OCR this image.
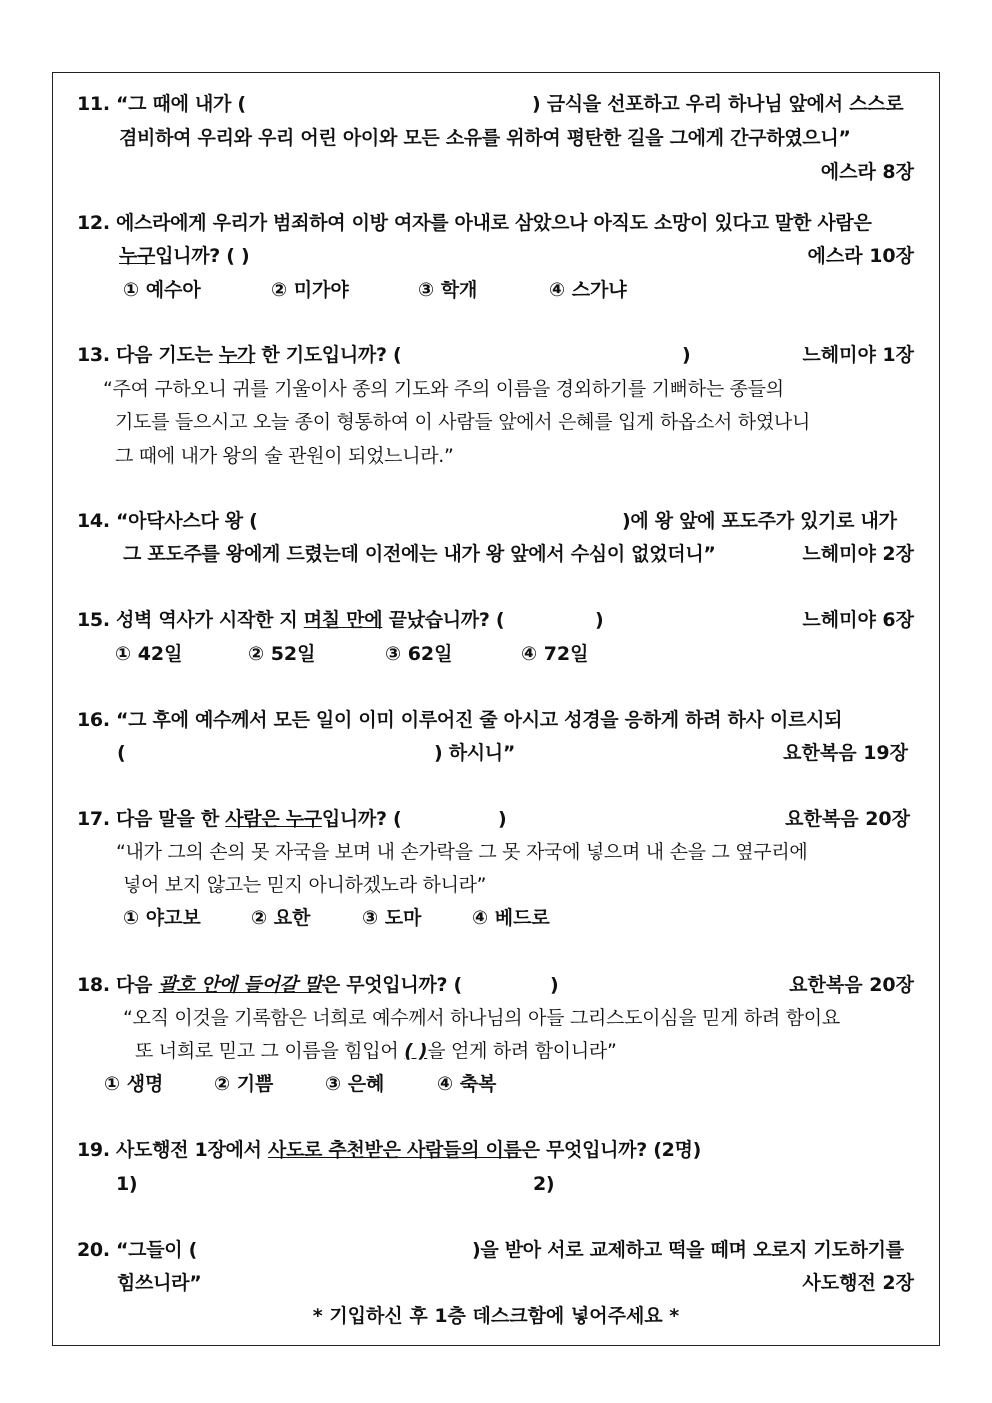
11. “그 때에 내가 (	) 금식을 선포하고 우리 하나님 앞에서 스스로
겸비하여 우리와 우리 어린 아이와 모든 소유를 위하여 평탄한 길을 그에게 간구하였으니”
에스라 8장
12. 에스라에게 우리가 범죄하여 이방 여자를 아내로 삼았으나 아직도 소망이 있다고 말한 사람은
누구입니까? ( )	에스라 10장
① 예수아	② 미가야	③ 학개	④ 스가냐
13. 다음 기도는 누가 한 기도입니까? (	)	느헤미야 1장
“주여 구하오니 귀를 기울이사 종의 기도와 주의 이름을 경외하기를 기뻐하는 종들의
기도를 들으시고 오늘 종이 형통하여 이 사람들 앞에서 은혜를 입게 하옵소서 하였나니
그 때에 내가 왕의 술 관원이 되었느니라.”
14. “아닥사스다 왕 (	)에 왕 앞에 포도주가 있기로 내가
그 포도주를 왕에게 드렸는데 이전에는 내가 왕 앞에서 수심이 없었더니”	느헤미야 2장
15. 성벽 역사가 시작한 지 며칠 만에 끝났습니까? (	)	느헤미야 6장
① 42일	② 52일	③ 62일	④ 72일
16. “그 후에 예수께서 모든 일이 이미 이루어진 줄 아시고 성경을 응하게 하려 하사 이르시되
(	) 하시니”	요한복음 19장
17. 다음 말을 한 사람은 누구입니까? (	)	요한복음 20장
“내가 그의 손의 못 자국을 보며 내 손가락을 그 못 자국에 넣으며 내 손을 그 옆구리에
넣어 보지 않고는 믿지 아니하겠노라 하니라”
① 야고보	② 요한	③ 도마	④ 베드로
18. 다음 괄호 안에 들어갈 말은 무엇입니까? (	)	요한복음 20장
“오직 이것을 기록함은 너희로 예수께서 하나님의 아들 그리스도이심을 믿게 하려 함이요
또 너희로 믿고 그 이름을 힘입어 ( )을 얻게 하려 함이니라”
① 생명	② 기쁨	③ 은혜	④ 축복
19. 사도행전 1장에서 사도로 추천받은 사람들의 이름은 무엇입니까? (2명)
1)	2)
20. “그들이 (	)을 받아 서로 교제하고 떡을 떼며 오로지 기도하기를
힘쓰니라”	사도행전 2장
* 기입하신 후 1층 데스크함에 넣어주세요 *
